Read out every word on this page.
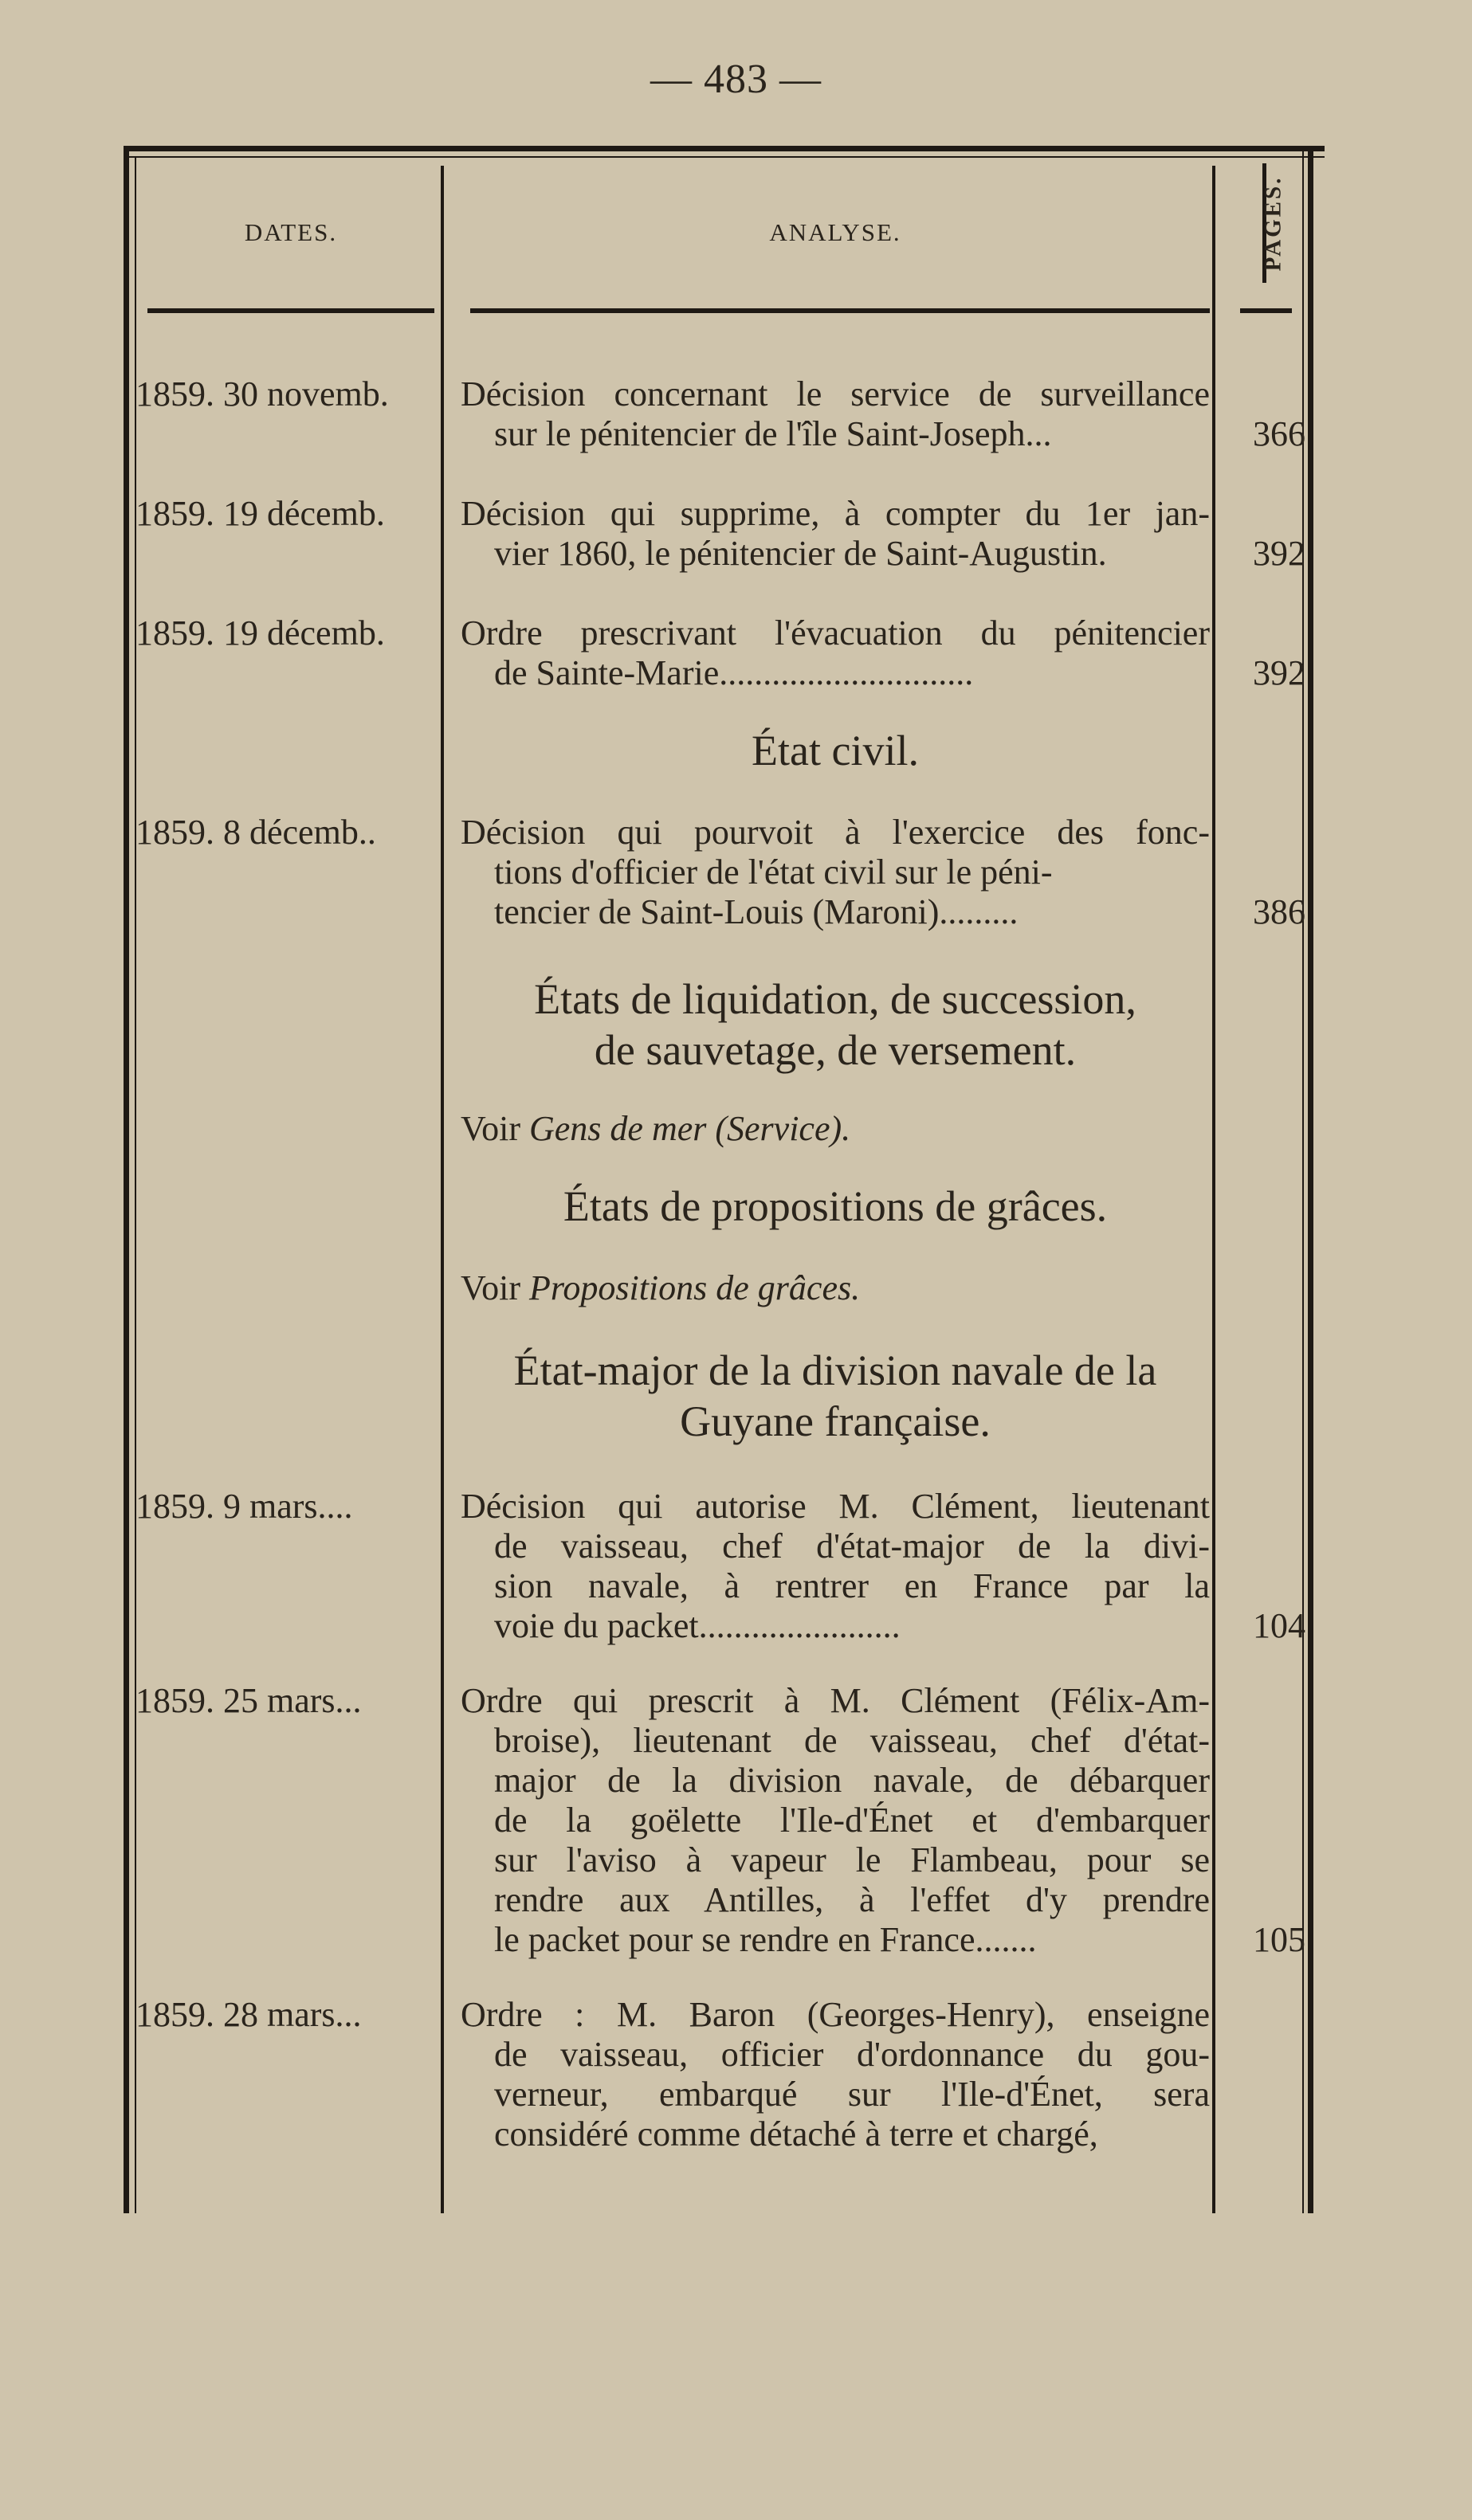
— 483 —
DATES.	ANALYSE.	PAGES.
1859. 30 novemb.	Décision concernant le service de surveillance
sur le pénitencier de l'île Saint-Joseph...	366
1859. 19 décemb.	Décision qui supprime, à compter du 1er jan-
vier 1860, le pénitencier de Saint-Augustin.	392
1859. 19 décemb.	Ordre prescrivant l'évacuation du pénitencier
de Sainte-Marie.............................	392
État civil.
1859. 8 décemb..	Décision qui pourvoit à l'exercice des fonc-
tions d'officier de l'état civil sur le péni-
tencier de Saint-Louis (Maroni).........	386
États de liquidation, de succession,
de sauvetage, de versement.
Voir Gens de mer (Service).
États de propositions de grâces.
Voir Propositions de grâces.
État-major de la division navale de la
Guyane française.
1859. 9 mars....	Décision qui autorise M. Clément, lieutenant
de vaisseau, chef d'état-major de la divi-
sion navale, à rentrer en France par la
voie du packet.......................	104
1859. 25 mars...	Ordre qui prescrit à M. Clément (Félix-Am-
broise), lieutenant de vaisseau, chef d'état-
major de la division navale, de débarquer
de la goëlette l'Ile-d'Énet et d'embarquer
sur l'aviso à vapeur le Flambeau, pour se
rendre aux Antilles, à l'effet d'y prendre
le packet pour se rendre en France.......	105
1859. 28 mars...	Ordre : M. Baron (Georges-Henry), enseigne
de vaisseau, officier d'ordonnance du gou-
verneur, embarqué sur l'Ile-d'Énet, sera
considéré comme détaché à terre et chargé,
